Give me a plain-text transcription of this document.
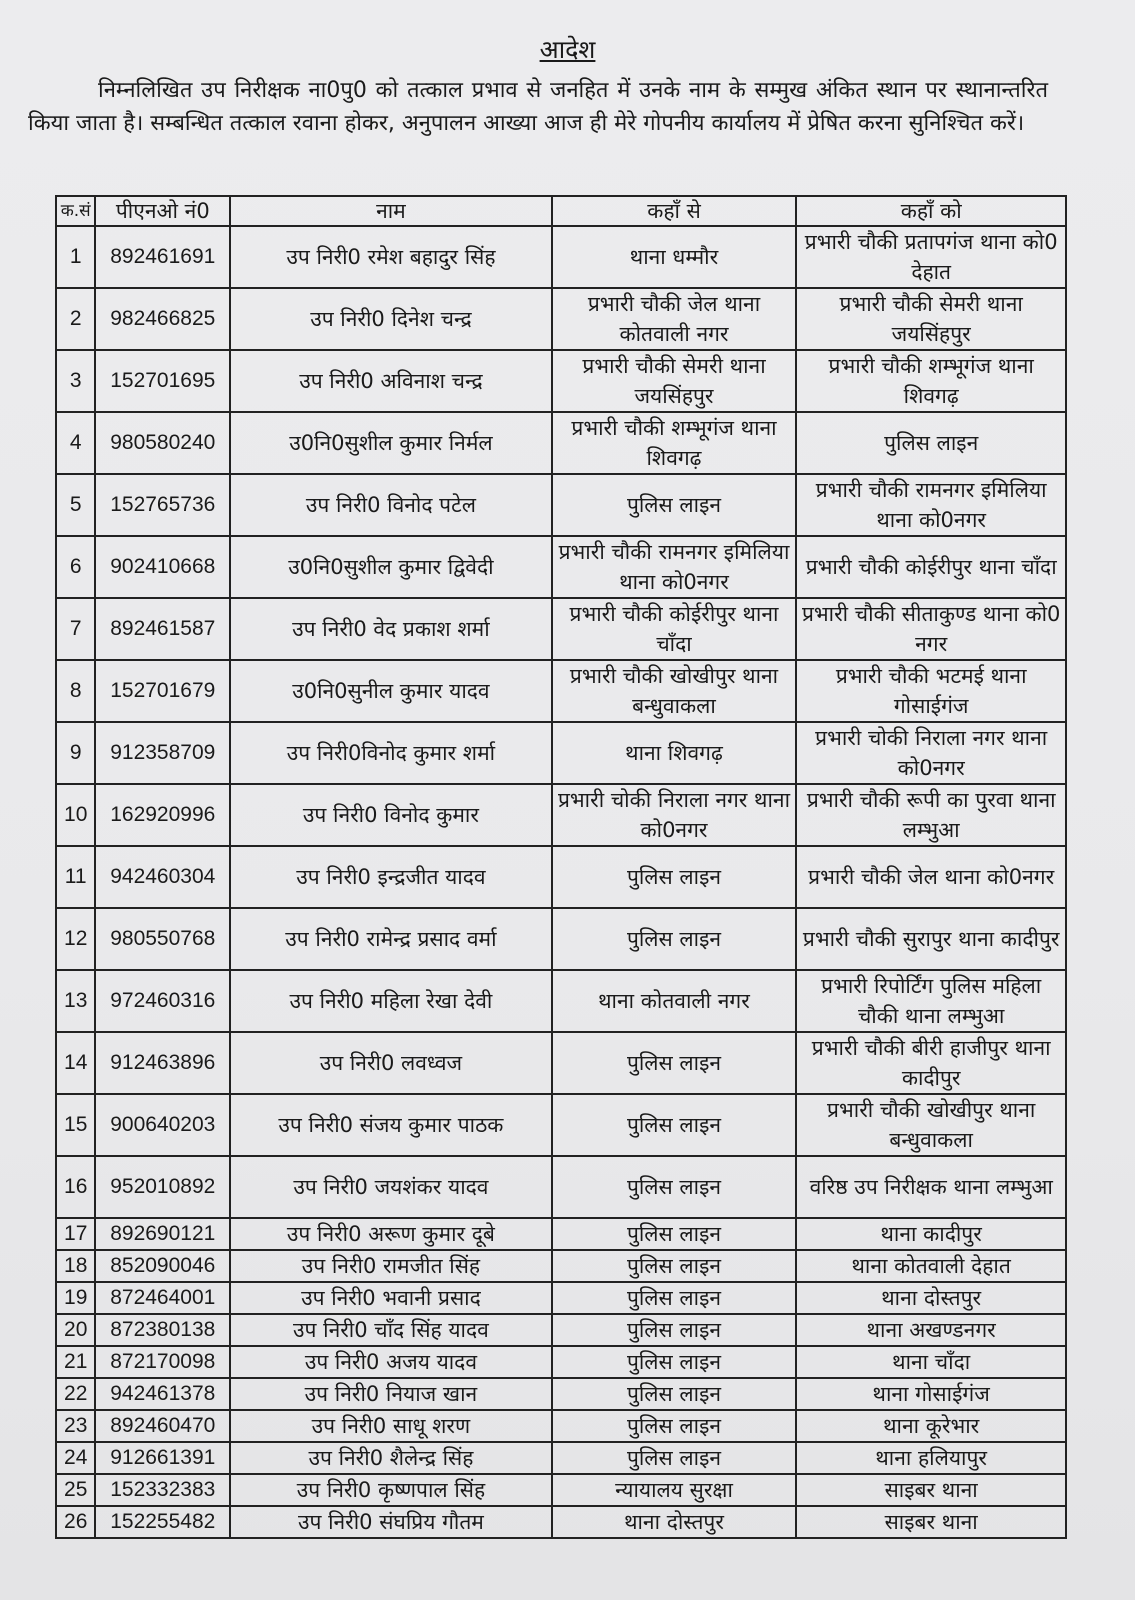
आदेश
निम्नलिखित उप निरीक्षक ना0पु0 को तत्काल प्रभाव से जनहित में उनके नाम के सम्मुख अंकित स्थान पर स्थानान्तरित किया जाता है। सम्बन्धित तत्काल रवाना होकर, अनुपालन आख्या आज ही मेरे गोपनीय कार्यालय में प्रेषित करना सुनिश्चित करें।
क.सं	पीएनओ नं0	नाम	कहाँ से	कहाँ को
1	892461691	उप निरी0 रमेश बहादुर सिंह	थाना धम्मौर	प्रभारी चौकी प्रतापगंज थाना को0 देहात
2	982466825	उप निरी0 दिनेश चन्द्र	प्रभारी चौकी जेल थाना कोतवाली नगर	प्रभारी चौकी सेमरी थाना जयसिंहपुर
3	152701695	उप निरी0 अविनाश चन्द्र	प्रभारी चौकी सेमरी थाना जयसिंहपुर	प्रभारी चौकी शम्भूगंज थाना शिवगढ़
4	980580240	उ0नि0सुशील कुमार निर्मल	प्रभारी चौकी शम्भूगंज थाना शिवगढ़	पुलिस लाइन
5	152765736	उप निरी0 विनोद पटेल	पुलिस लाइन	प्रभारी चौकी रामनगर इमिलिया थाना को0नगर
6	902410668	उ0नि0सुशील कुमार द्विवेदी	प्रभारी चौकी रामनगर इमिलिया थाना को0नगर	प्रभारी चौकी कोईरीपुर थाना चाँदा
7	892461587	उप निरी0 वेद प्रकाश शर्मा	प्रभारी चौकी कोईरीपुर थाना चाँदा	प्रभारी चौकी सीताकुण्ड थाना को0 नगर
8	152701679	उ0नि0सुनील कुमार यादव	प्रभारी चौकी खोखीपुर थाना बन्धुवाकला	प्रभारी चौकी भटमई थाना गोसाईगंज
9	912358709	उप निरी0विनोद कुमार शर्मा	थाना शिवगढ़	प्रभारी चोकी निराला नगर थाना को0नगर
10	162920996	उप निरी0 विनोद कुमार	प्रभारी चोकी निराला नगर थाना को0नगर	प्रभारी चौकी रूपी का पुरवा थाना लम्भुआ
11	942460304	उप निरी0 इन्द्रजीत यादव	पुलिस लाइन	प्रभारी चौकी जेल थाना को0नगर
12	980550768	उप निरी0 रामेन्द्र प्रसाद वर्मा	पुलिस लाइन	प्रभारी चौकी सुरापुर थाना कादीपुर
13	972460316	उप निरी0 महिला रेखा देवी	थाना कोतवाली नगर	प्रभारी रिपोर्टिंग पुलिस महिला चौकी थाना लम्भुआ
14	912463896	उप निरी0 लवध्वज	पुलिस लाइन	प्रभारी चौकी बीरी हाजीपुर थाना कादीपुर
15	900640203	उप निरी0 संजय कुमार पाठक	पुलिस लाइन	प्रभारी चौकी खोखीपुर थाना बन्धुवाकला
16	952010892	उप निरी0 जयशंकर यादव	पुलिस लाइन	वरिष्ठ उप निरीक्षक थाना लम्भुआ
17	892690121	उप निरी0 अरूण कुमार दूबे	पुलिस लाइन	थाना कादीपुर
18	852090046	उप निरी0 रामजीत सिंह	पुलिस लाइन	थाना कोतवाली देहात
19	872464001	उप निरी0 भवानी प्रसाद	पुलिस लाइन	थाना दोस्तपुर
20	872380138	उप निरी0 चाँद सिंह यादव	पुलिस लाइन	थाना अखण्डनगर
21	872170098	उप निरी0 अजय यादव	पुलिस लाइन	थाना चाँदा
22	942461378	उप निरी0 नियाज खान	पुलिस लाइन	थाना गोसाईगंज
23	892460470	उप निरी0 साधू शरण	पुलिस लाइन	थाना कूरेभार
24	912661391	उप निरी0 शैलेन्द्र सिंह	पुलिस लाइन	थाना हलियापुर
25	152332383	उप निरी0 कृष्णपाल सिंह	न्यायालय सुरक्षा	साइबर थाना
26	152255482	उप निरी0 संघप्रिय गौतम	थाना दोस्तपुर	साइबर थाना
